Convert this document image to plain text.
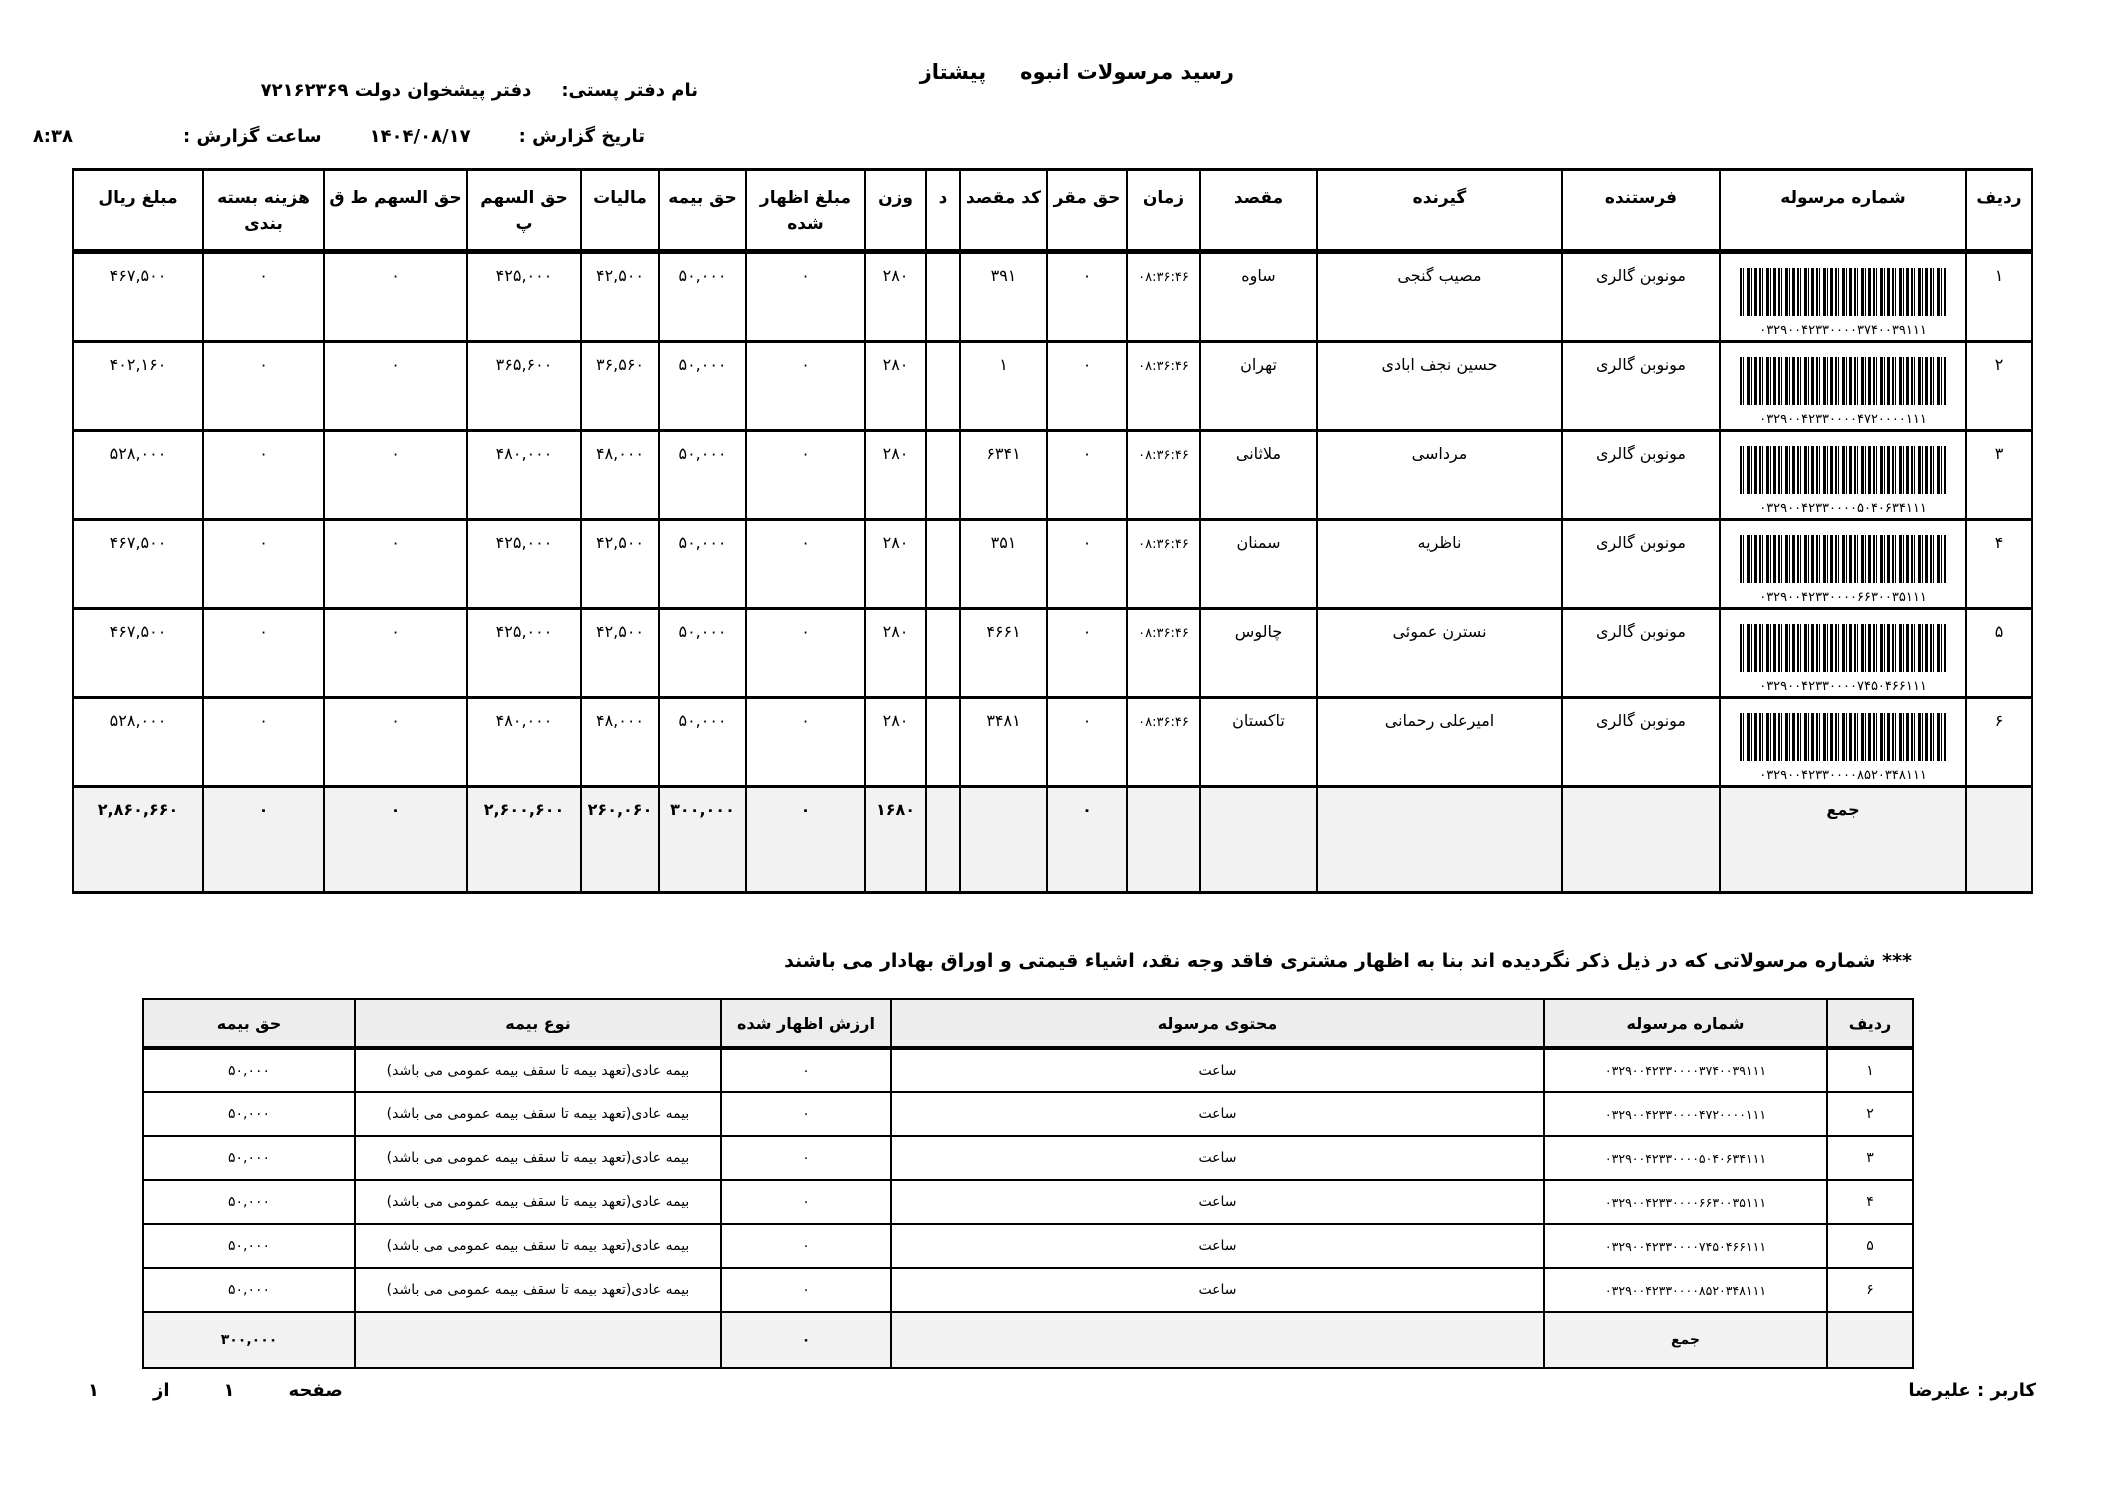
رسید مرسولات انبوه
پیشتاز
نام دفتر پستی:
دفتر پیشخوان دولت ۷۲۱۶۲۳۶۹
تاریخ گزارش :
۱۴۰۴/۰۸/۱۷
ساعت گزارش :
۸:۳۸
ردیف	شماره مرسوله	فرستنده	گیرنده	مقصد	زمان	حق مقر	کد مقصد	د	وزن	مبلغ اظهار شده	حق بیمه	مالیات	حق السهم پ	حق السهم ط ق	هزینه بسته بندی	مبلغ ریال
۱	۰۳۲۹۰۰۴۲۳۳۰۰۰۰۳۷۴۰۰۳۹۱۱۱	مونوبن گالری	مصیب گنجی	ساوه	۰۸:۳۶:۴۶	۰	۳۹۱		۲۸۰	۰	۵۰,۰۰۰	۴۲,۵۰۰	۴۲۵,۰۰۰	۰	۰	۴۶۷,۵۰۰
۲	۰۳۲۹۰۰۴۲۳۳۰۰۰۰۴۷۲۰۰۰۰۱۱۱	مونوبن گالری	حسین نجف ابادی	تهران	۰۸:۳۶:۴۶	۰	۱		۲۸۰	۰	۵۰,۰۰۰	۳۶,۵۶۰	۳۶۵,۶۰۰	۰	۰	۴۰۲,۱۶۰
۳	۰۳۲۹۰۰۴۲۳۳۰۰۰۰۵۰۴۰۶۳۴۱۱۱	مونوبن گالری	مرداسی	ملاثانی	۰۸:۳۶:۴۶	۰	۶۳۴۱		۲۸۰	۰	۵۰,۰۰۰	۴۸,۰۰۰	۴۸۰,۰۰۰	۰	۰	۵۲۸,۰۰۰
۴	۰۳۲۹۰۰۴۲۳۳۰۰۰۰۶۶۳۰۰۳۵۱۱۱	مونوبن گالری	ناظریه	سمنان	۰۸:۳۶:۴۶	۰	۳۵۱		۲۸۰	۰	۵۰,۰۰۰	۴۲,۵۰۰	۴۲۵,۰۰۰	۰	۰	۴۶۷,۵۰۰
۵	۰۳۲۹۰۰۴۲۳۳۰۰۰۰۷۴۵۰۴۶۶۱۱۱	مونوبن گالری	نسترن عموئی	چالوس	۰۸:۳۶:۴۶	۰	۴۶۶۱		۲۸۰	۰	۵۰,۰۰۰	۴۲,۵۰۰	۴۲۵,۰۰۰	۰	۰	۴۶۷,۵۰۰
۶	۰۳۲۹۰۰۴۲۳۳۰۰۰۰۸۵۲۰۳۴۸۱۱۱	مونوبن گالری	امیرعلی رحمانی	تاکستان	۰۸:۳۶:۴۶	۰	۳۴۸۱		۲۸۰	۰	۵۰,۰۰۰	۴۸,۰۰۰	۴۸۰,۰۰۰	۰	۰	۵۲۸,۰۰۰
	جمع					۰			۱۶۸۰	۰	۳۰۰,۰۰۰	۲۶۰,۰۶۰	۲,۶۰۰,۶۰۰	۰	۰	۲,۸۶۰,۶۶۰
*** شماره مرسولاتی که در ذیل ذکر نگردیده اند بنا به اظهار مشتری فاقد وجه نقد، اشیاء قیمتی و اوراق بهادار می باشند
ردیف	شماره مرسوله	محتوی مرسوله	ارزش اظهار شده	نوع بیمه	حق بیمه
۱	۰۳۲۹۰۰۴۲۳۳۰۰۰۰۳۷۴۰۰۳۹۱۱۱	ساعت	۰	بیمه عادی(تعهد بیمه تا سقف بیمه عمومی می باشد)	۵۰,۰۰۰
۲	۰۳۲۹۰۰۴۲۳۳۰۰۰۰۴۷۲۰۰۰۰۱۱۱	ساعت	۰	بیمه عادی(تعهد بیمه تا سقف بیمه عمومی می باشد)	۵۰,۰۰۰
۳	۰۳۲۹۰۰۴۲۳۳۰۰۰۰۵۰۴۰۶۳۴۱۱۱	ساعت	۰	بیمه عادی(تعهد بیمه تا سقف بیمه عمومی می باشد)	۵۰,۰۰۰
۴	۰۳۲۹۰۰۴۲۳۳۰۰۰۰۶۶۳۰۰۳۵۱۱۱	ساعت	۰	بیمه عادی(تعهد بیمه تا سقف بیمه عمومی می باشد)	۵۰,۰۰۰
۵	۰۳۲۹۰۰۴۲۳۳۰۰۰۰۷۴۵۰۴۶۶۱۱۱	ساعت	۰	بیمه عادی(تعهد بیمه تا سقف بیمه عمومی می باشد)	۵۰,۰۰۰
۶	۰۳۲۹۰۰۴۲۳۳۰۰۰۰۸۵۲۰۳۴۸۱۱۱	ساعت	۰	بیمه عادی(تعهد بیمه تا سقف بیمه عمومی می باشد)	۵۰,۰۰۰
	جمع		۰		۳۰۰,۰۰۰
صفحه
۱
از
۱	کاربر : علیرضا
